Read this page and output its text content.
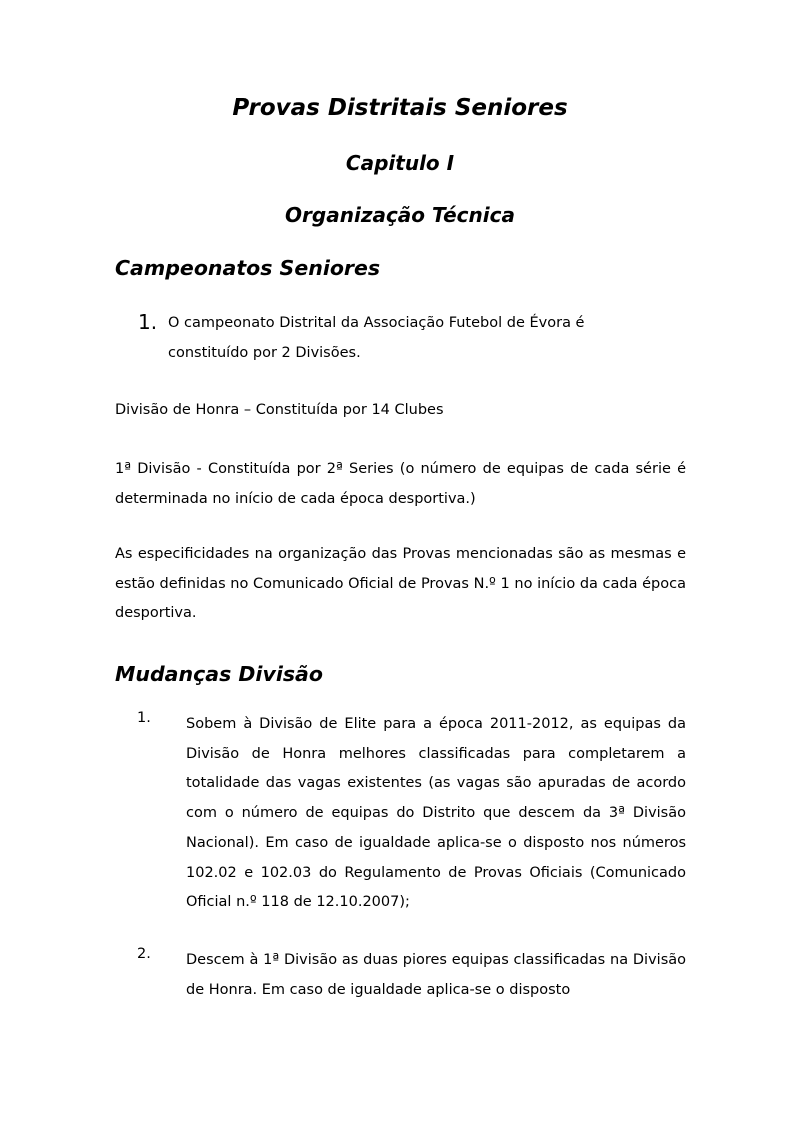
Provas Distritais Seniores
Capitulo I
Organização Técnica
Campeonatos Seniores

1. O campeonato Distrital da Associação Futebol de Évora é constituído por 2 Divisões.

Divisão de Honra – Constituída por 14 Clubes

1ª Divisão - Constituída por 2ª Series (o número de equipas de cada série é determinada no início de cada época desportiva.)

As especificidades na organização das Provas mencionadas são as mesmas e estão definidas no Comunicado Oficial de Provas N.º 1 no início da cada época desportiva.

Mudanças Divisão

1. Sobem à Divisão de Elite para a época 2011-2012, as equipas da Divisão de Honra melhores classificadas para completarem a totalidade das vagas existentes (as vagas são apuradas de acordo com o número de equipas do Distrito que descem da 3ª Divisão Nacional). Em caso de igualdade aplica-se o disposto nos números 102.02 e 102.03 do Regulamento de Provas Oficiais (Comunicado Oficial n.º 118 de 12.10.2007);

2. Descem à 1ª Divisão as duas piores equipas classificadas na Divisão de Honra. Em caso de igualdade aplica-se o disposto
